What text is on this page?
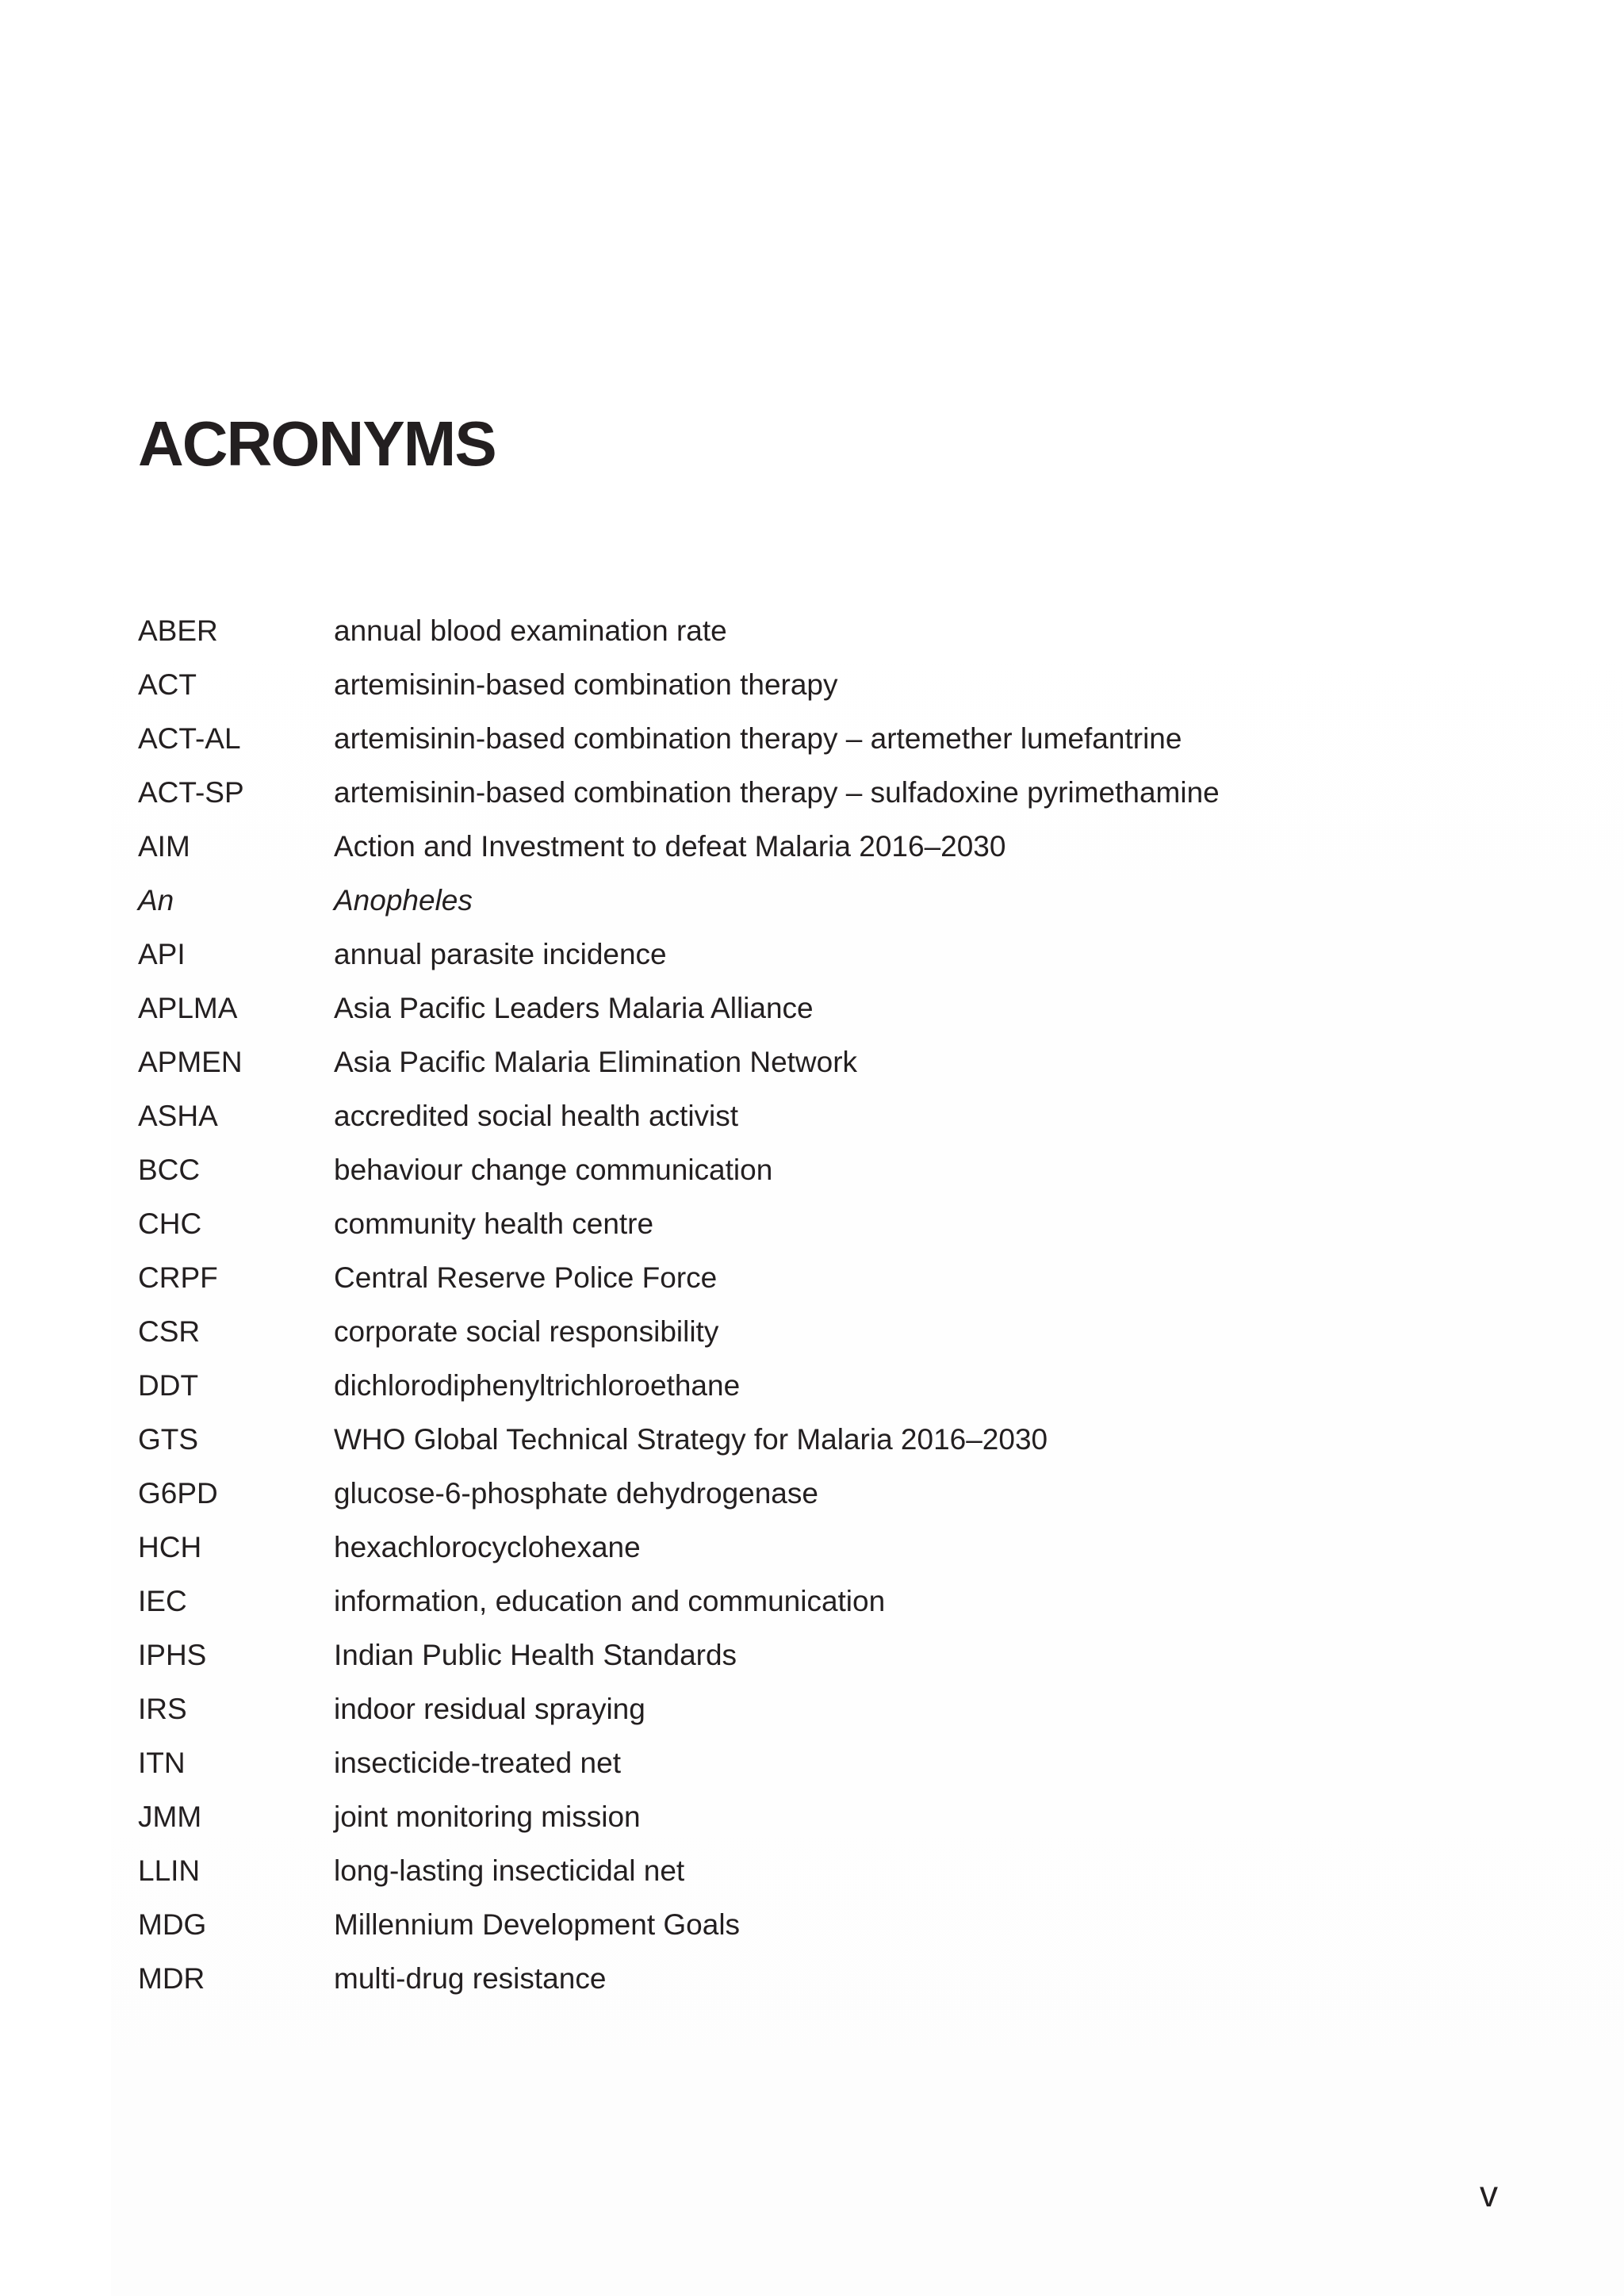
ACRONYMS
ABER	annual blood examination rate
ACT	artemisinin-based combination therapy
ACT-AL	artemisinin-based combination therapy – artemether lumefantrine
ACT-SP	artemisinin-based combination therapy – sulfadoxine pyrimethamine
AIM	Action and Investment to defeat Malaria 2016–2030
An	Anopheles
API	annual parasite incidence
APLMA	Asia Pacific Leaders Malaria Alliance
APMEN	Asia Pacific Malaria Elimination Network
ASHA	accredited social health activist
BCC	behaviour change communication
CHC	community health centre
CRPF	Central Reserve Police Force
CSR	corporate social responsibility
DDT	dichlorodiphenyltrichloroethane
GTS	WHO Global Technical Strategy for Malaria 2016–2030
G6PD	glucose-6-phosphate dehydrogenase
HCH	hexachlorocyclohexane
IEC	information, education and communication
IPHS	Indian Public Health Standards
IRS	indoor residual spraying
ITN	insecticide-treated net
JMM	joint monitoring mission
LLIN	long-lasting insecticidal net
MDG	Millennium Development Goals
MDR	multi-drug resistance
v
